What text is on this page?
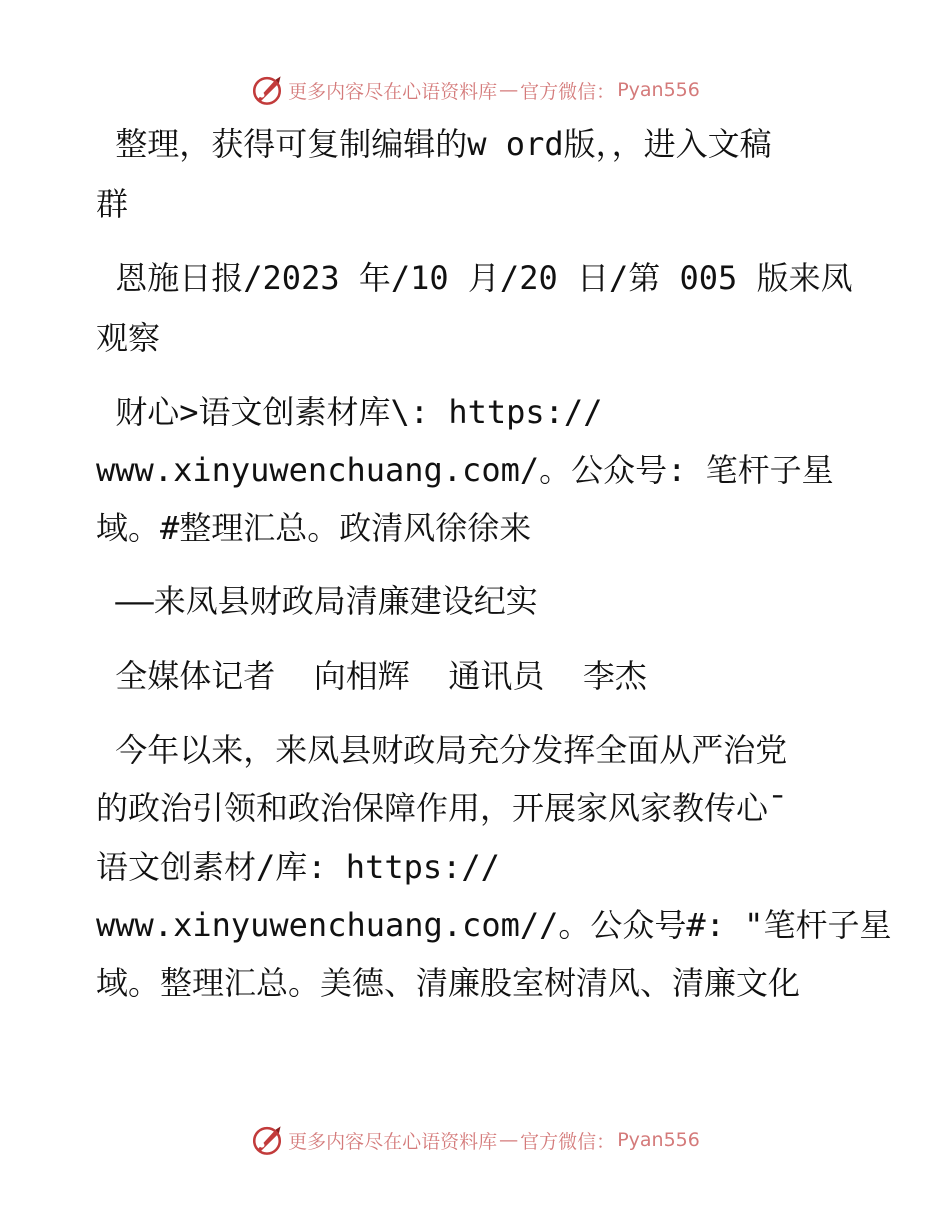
更多内容尽在心语资料库 — 官方微信： Pyan556
整理，获得可复制编辑的w ord版，，进入文稿
群
恩施日报/2023 年/10 月/20 日/第 005 版来凤
观察
财心>语文创素材库\: https://
www.xinyuwenchuang.com/。公众号: 笔杆子星
域。#整理汇总。政清风徐徐来
——来凤县财政局清廉建设纪实
全媒体记者  向相辉  通讯员  李杰
今年以来，来凤县财政局充分发挥全面从严治党
的政治引领和政治保障作用，开展家风家教传心¯
语文创素材/库: https://
www.xinyuwenchuang.com//。公众号#: "笔杆子星
域。整理汇总。美德、清廉股室树清风、清廉文化
更多内容尽在心语资料库 — 官方微信： Pyan556
